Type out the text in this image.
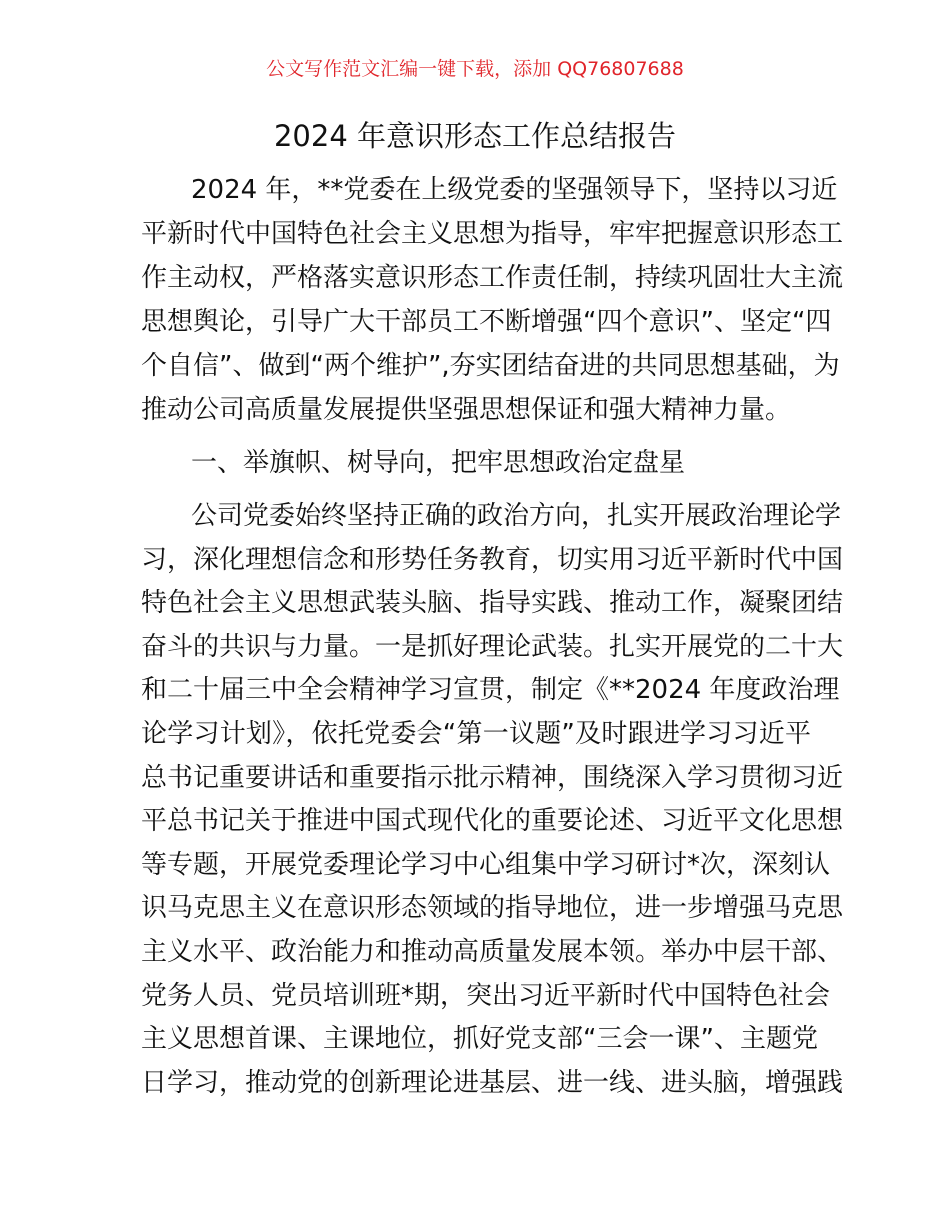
公文写作范文汇编一键下载，添加 QQ76807688
2024 年意识形态工作总结报告
2024 年，**党委在上级党委的坚强领导下，坚持以习近
平新时代中国特色社会主义思想为指导，牢牢把握意识形态工
作主动权，严格落实意识形态工作责任制，持续巩固壮大主流
思想舆论，引导广大干部员工不断增强“四个意识”、坚定“四
个自信”、做到“两个维护”,夯实团结奋进的共同思想基础，为
推动公司高质量发展提供坚强思想保证和强大精神力量。
一、举旗帜、树导向，把牢思想政治定盘星
公司党委始终坚持正确的政治方向，扎实开展政治理论学
习，深化理想信念和形势任务教育，切实用习近平新时代中国
特色社会主义思想武装头脑、指导实践、推动工作，凝聚团结
奋斗的共识与力量。一是抓好理论武装。扎实开展党的二十大
和二十届三中全会精神学习宣贯，制定《**2024 年度政治理
论学习计划》，依托党委会“第一议题”及时跟进学习习近平
总书记重要讲话和重要指示批示精神，围绕深入学习贯彻习近
平总书记关于推进中国式现代化的重要论述、习近平文化思想
等专题，开展党委理论学习中心组集中学习研讨*次，深刻认
识马克思主义在意识形态领域的指导地位，进一步增强马克思
主义水平、政治能力和推动高质量发展本领。举办中层干部、
党务人员、党员培训班*期，突出习近平新时代中国特色社会
主义思想首课、主课地位，抓好党支部“三会一课”、主题党
日学习，推动党的创新理论进基层、进一线、进头脑，增强践
